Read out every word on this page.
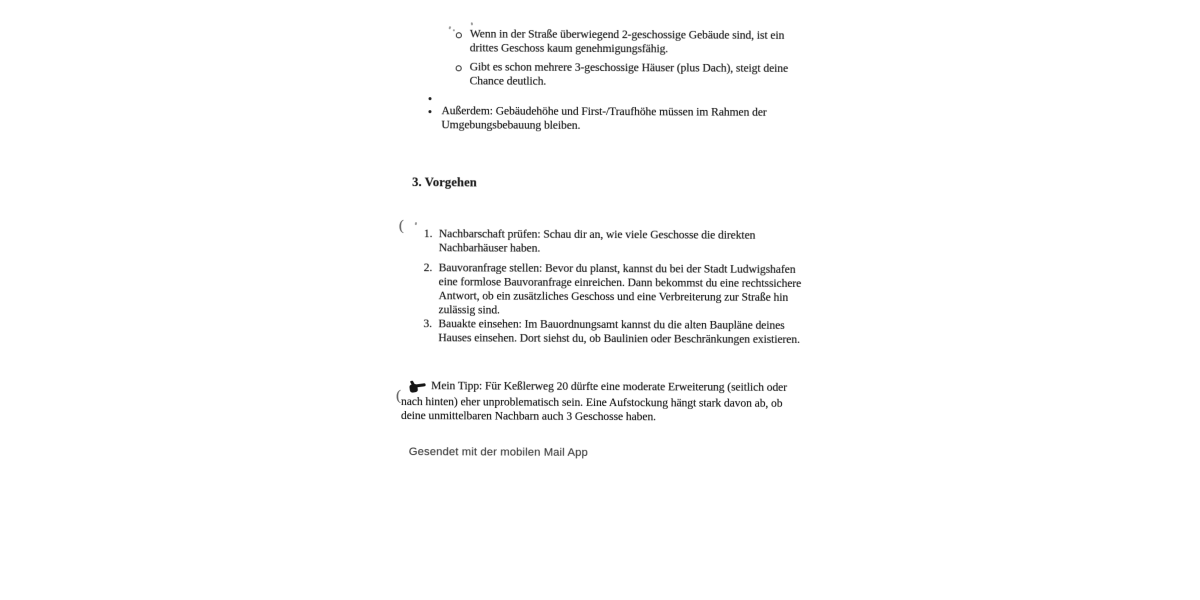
Wenn in der Straße überwiegend 2-geschossige Gebäude sind, ist ein
drittes Geschoss kaum genehmigungsfähig.
Gibt es schon mehrere 3-geschossige Häuser (plus Dach), steigt deine
Chance deutlich.
Außerdem: Gebäudehöhe und First-/Traufhöhe müssen im Rahmen der
Umgebungsbebauung bleiben.
3. Vorgehen
( 1. Nachbarschaft prüfen: Schau dir an, wie viele Geschosse die direkten
Nachbarhäuser haben.
2. Bauvoranfrage stellen: Bevor du planst, kannst du bei der Stadt Ludwigshafen
eine formlose Bauvoranfrage einreichen. Dann bekommst du eine rechtssichere
Antwort, ob ein zusätzliches Geschoss und eine Verbreiterung zur Straße hin
zulässig sind.
3. Bauakte einsehen: Im Bauordnungsamt kannst du die alten Baupläne deines
Hauses einsehen. Dort siehst du, ob Baulinien oder Beschränkungen existieren.
Mein Tipp: Für Keßlerweg 20 dürfte eine moderate Erweiterung (seitlich oder
nach hinten) eher unproblematisch sein. Eine Aufstockung hängt stark davon ab, ob
deine unmittelbaren Nachbarn auch 3 Geschosse haben.
(
Gesendet mit der mobilen Mail App
